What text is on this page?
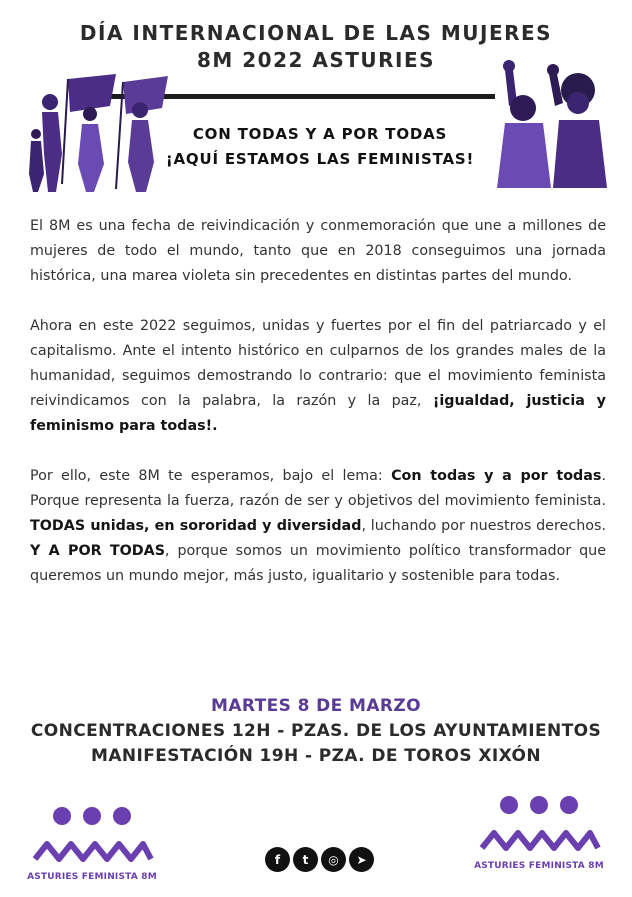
DÍA INTERNACIONAL DE LAS MUJERES
8M 2022 ASTURIES
CON TODAS Y A POR TODAS
¡AQUÍ ESTAMOS LAS FEMINISTAS!

El 8M es una fecha de reivindicación y conmemoración que une a millones de mujeres de todo el mundo, tanto que en 2018 conseguimos una jornada histórica, una marea violeta sin precedentes en distintas partes del mundo.

Ahora en este 2022 seguimos, unidas y fuertes por el fin del patriarcado y el capitalismo. Ante el intento histórico en culparnos de los grandes males de la humanidad, seguimos demostrando lo contrario: que el movimiento feminista reivindicamos con la palabra, la razón y la paz, ¡igualdad, justicia y feminismo para todas!.

Por ello, este 8M te esperamos, bajo el lema: Con todas y a por todas. Porque representa la fuerza, razón de ser y objetivos del movimiento feminista. TODAS unidas, en sororidad y diversidad, luchando por nuestros derechos. Y A POR TODAS, porque somos un movimiento político transformador que queremos un mundo mejor, más justo, igualitario y sostenible para todas.

MARTES 8 DE MARZO
CONCENTRACIONES 12H - PZAS. DE LOS AYUNTAMIENTOS
MANIFESTACIÓN 19H - PZA. DE TOROS XIXÓN
ASTURIES FEMINISTA 8M
f	t	◎	➤	ASTURIES FEMINISTA 8M
